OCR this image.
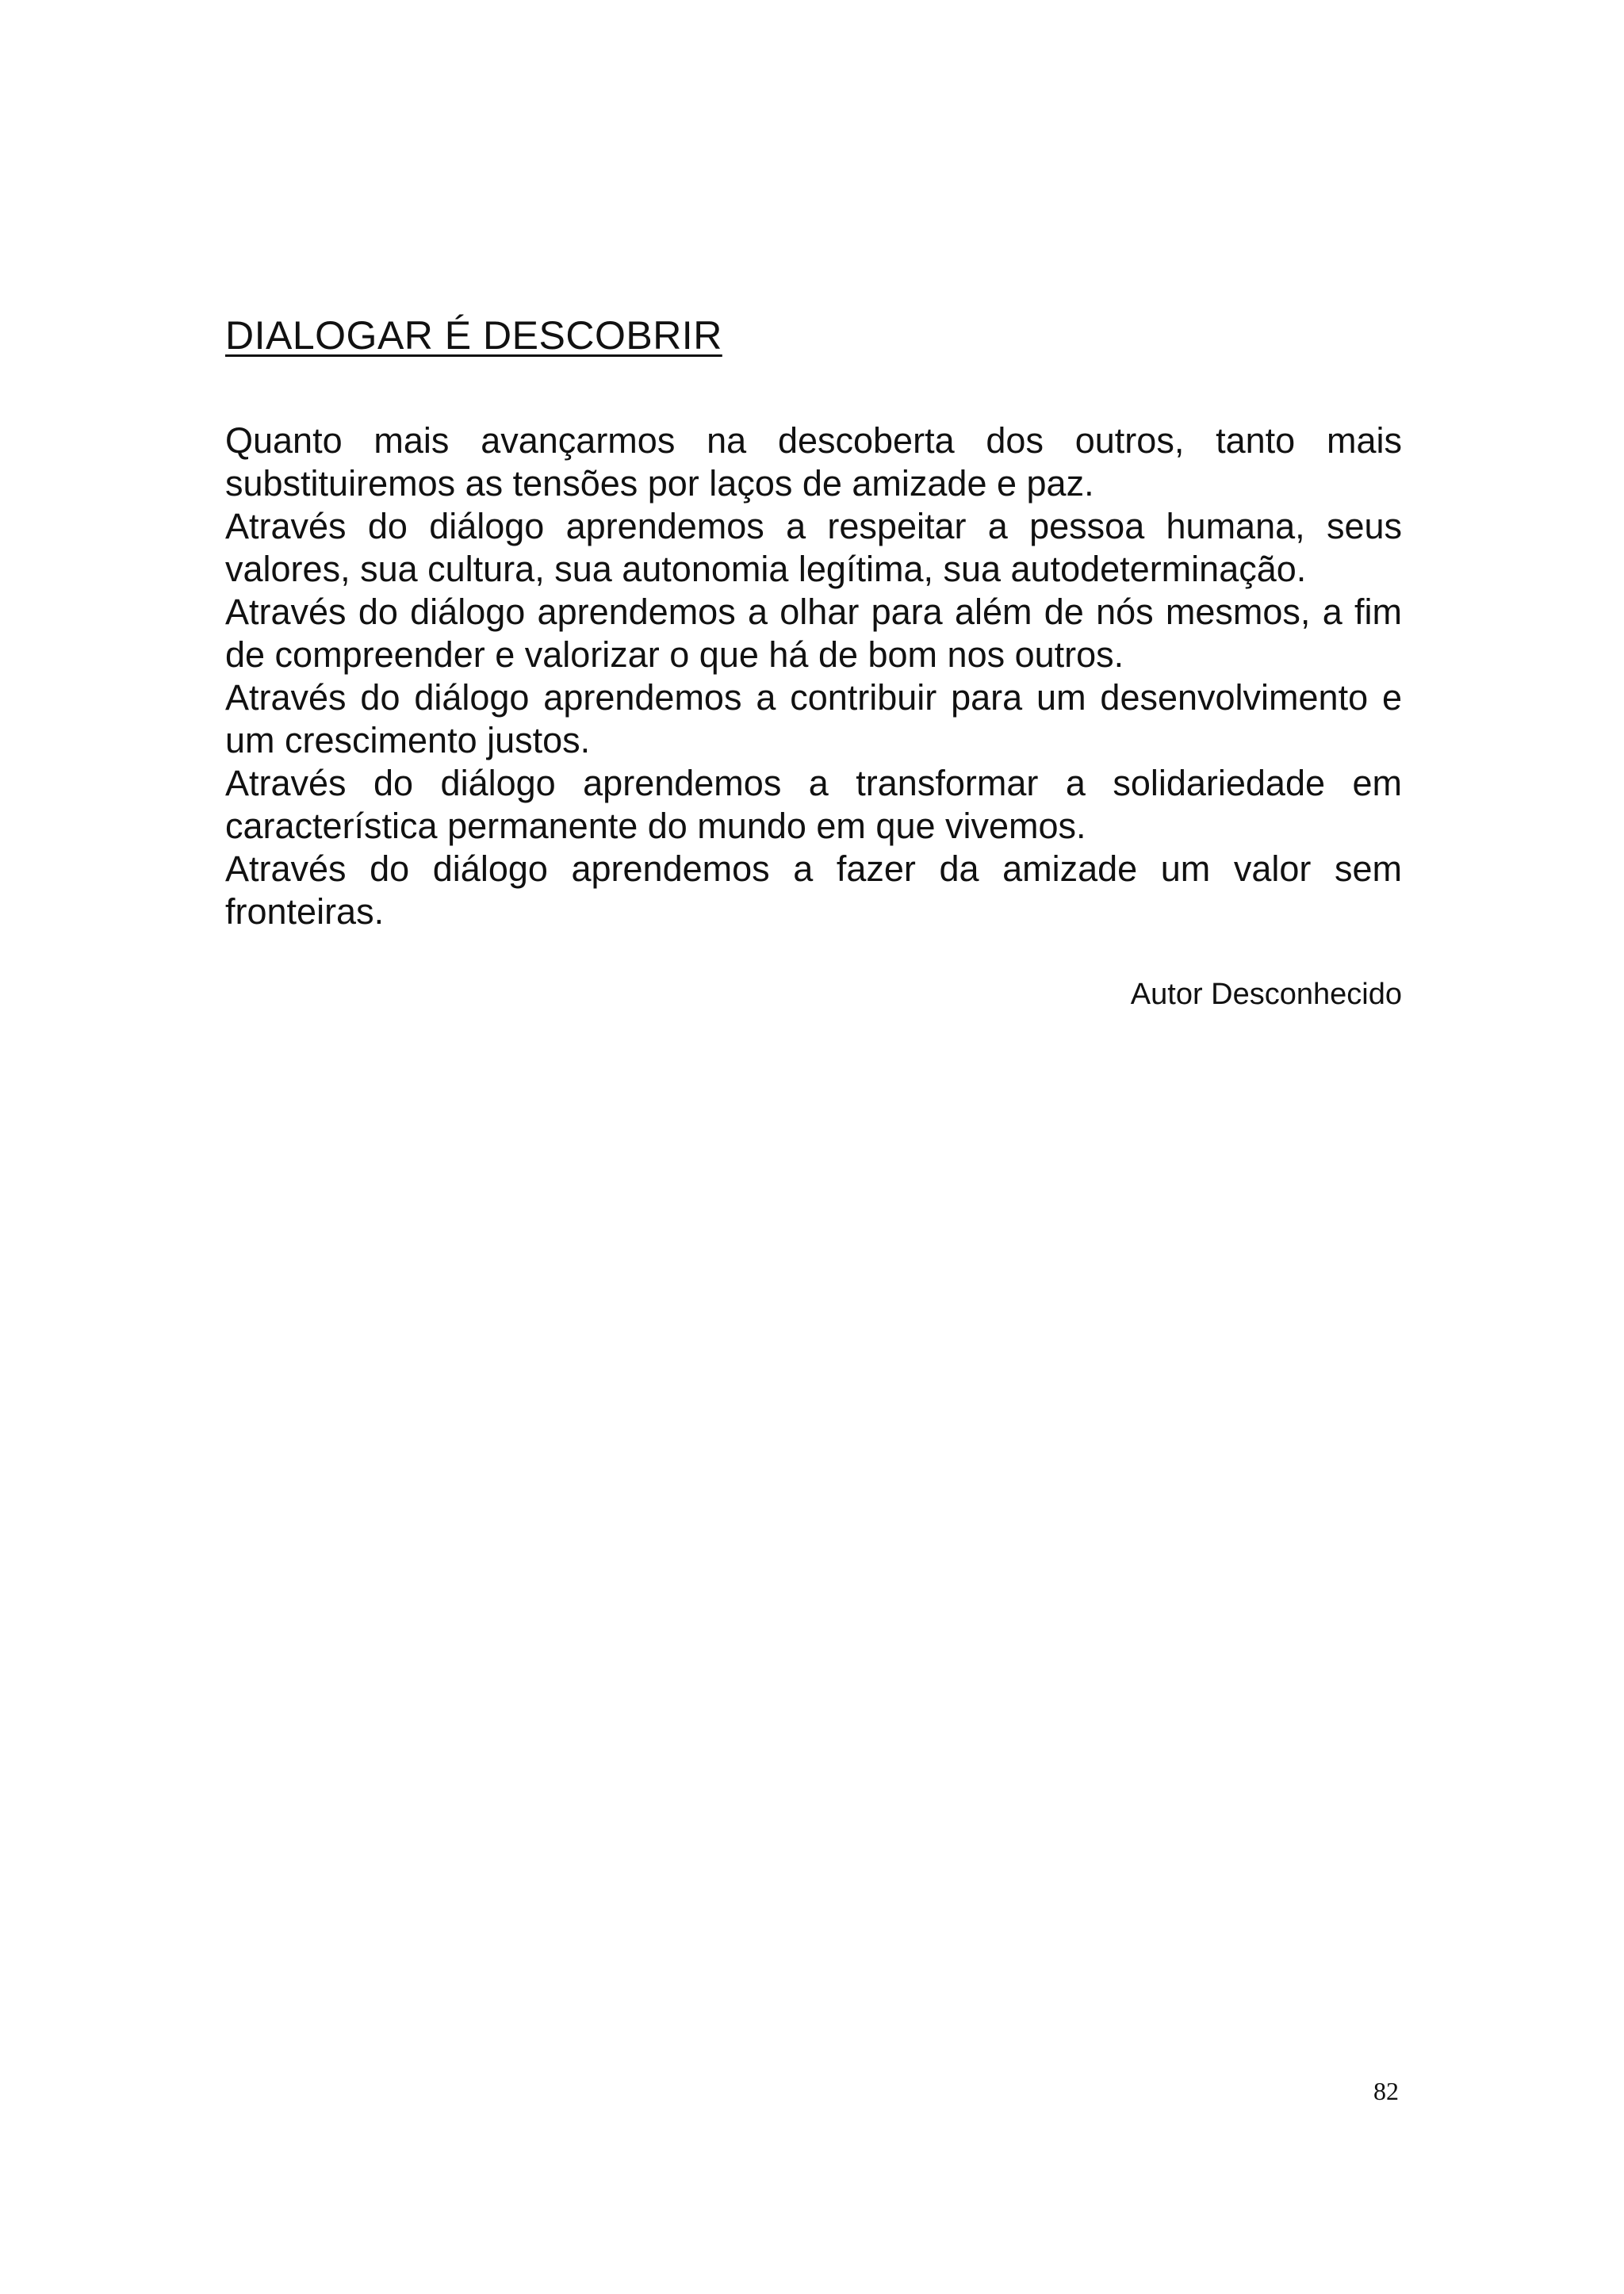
DIALOGAR É DESCOBRIR

Quanto mais avançarmos na descoberta dos outros, tanto mais substituiremos as tensões por laços de amizade e paz.

Através do diálogo aprendemos a respeitar a pessoa humana, seus valores, sua cultura, sua autonomia legítima, sua autodeterminação.

Através do diálogo aprendemos a olhar para além de nós mesmos, a fim de compreender e valorizar o que há de bom nos outros.

Através do diálogo aprendemos a contribuir para um desenvolvimento e um crescimento justos.

Através do diálogo aprendemos a transformar a solidariedade em característica permanente do mundo em que vivemos.

Através do diálogo aprendemos a fazer da amizade um valor sem fronteiras.

Autor Desconhecido
82
